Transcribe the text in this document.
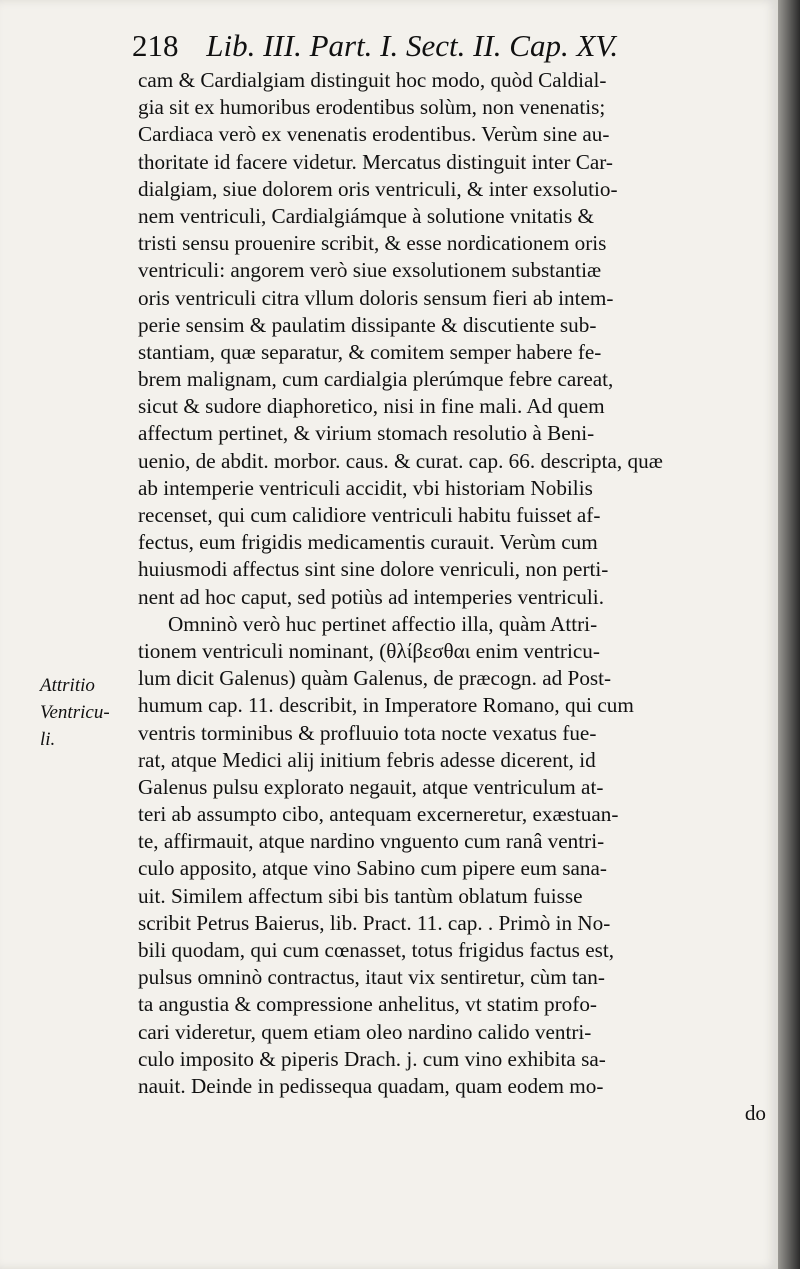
218 Lib. III. Part. I. Sect. II. Cap. XV.
Attritio
Ventricu-
li.
cam & Cardialgiam distinguit hoc modo, quòd Caldial-
gia sit ex humoribus erodentibus solùm, non venenatis;
Cardiaca verò ex venenatis erodentibus. Verùm sine au-
thoritate id facere videtur. Mercatus distinguit inter Car-
dialgiam, siue dolorem oris ventriculi, & inter exsolutio-
nem ventriculi, Cardialgiámque à solutione vnitatis &
tristi sensu prouenire scribit, & esse nordicationem oris
ventriculi: angorem verò siue exsolutionem substantiæ
oris ventriculi citra vllum doloris sensum fieri ab intem-
perie sensim & paulatim dissipante & discutiente sub-
stantiam, quæ separatur, & comitem semper habere fe-
brem malignam, cum cardialgia plerúmque febre careat,
sicut & sudore diaphoretico, nisi in fine mali. Ad quem
affectum pertinet, & virium stomach resolutio à Beni-
uenio, de abdit. morbor. caus. & curat. cap. 66. descripta, quæ
ab intemperie ventriculi accidit, vbi historiam Nobilis
recenset, qui cum calidiore ventriculi habitu fuisset af-
fectus, eum frigidis medicamentis curauit. Verùm cum
huiusmodi affectus sint sine dolore venriculi, non perti-
nent ad hoc caput, sed potiùs ad intemperies ventriculi.
Omninò verò huc pertinet affectio illa, quàm Attri-
tionem ventriculi nominant, (θλίβεσθαι enim ventricu-
lum dicit Galenus) quàm Galenus, de præcogn. ad Post-
humum cap. 11. describit, in Imperatore Romano, qui cum
ventris torminibus & profluuio tota nocte vexatus fue-
rat, atque Medici alij initium febris adesse dicerent, id
Galenus pulsu explorato negauit, atque ventriculum at-
teri ab assumpto cibo, antequam excerneretur, exæstuan-
te, affirmauit, atque nardino vnguento cum ranâ ventri-
culo apposito, atque vino Sabino cum pipere eum sana-
uit. Similem affectum sibi bis tantùm oblatum fuisse
scribit Petrus Baierus, lib. Pract. 11. cap. . Primò in No-
bili quodam, qui cum cœnasset, totus frigidus factus est,
pulsus omninò contractus, itaut vix sentiretur, cùm tan-
ta angustia & compressione anhelitus, vt statim profo-
cari videretur, quem etiam oleo nardino calido ventri-
culo imposito & piperis Drach. j. cum vino exhibita sa-
nauit. Deinde in pedissequa quadam, quam eodem mo-
do
